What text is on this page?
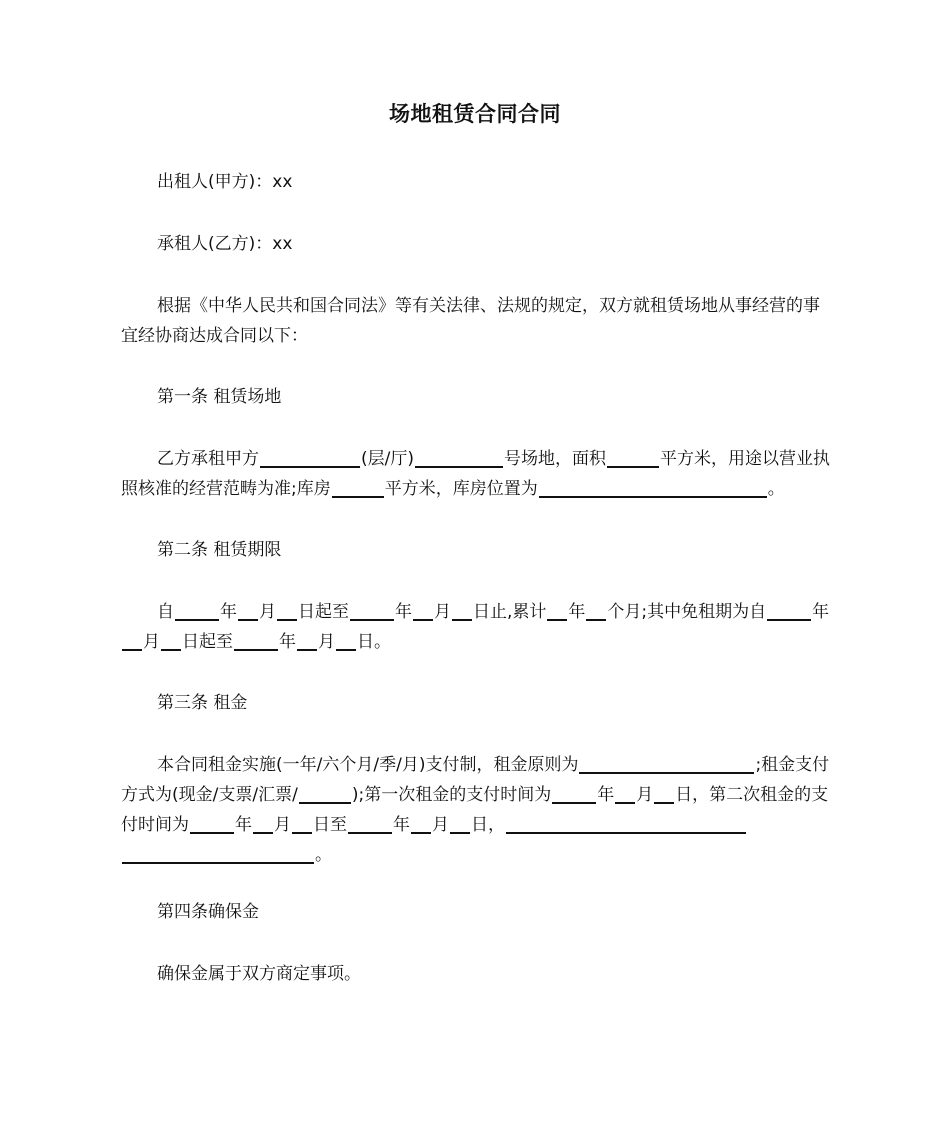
场地租赁合同合同
出租人(甲方)：xx
承租人(乙方)：xx
根据《中华人民共和国合同法》等有关法律、法规的规定，双方就租赁场地从事经营的事宜经协商达成合同以下：
第一条 租赁场地
乙方承租甲方	(层/厅)	号场地，面积	平方米，用途以营业执照核准的经营范畴为准;库房	平方米，库房位置为	。
第二条 租赁期限
自	年 月 日起至	年 月 日止,累计 年 个月;其中免租期为自	年月 日起至	年 月 日。
第三条 租金
本合同租金实施(一年/六个月/季/月)支付制，租金原则为	;租金支付方式为(现金/支票/汇票/	);第一次租金的支付时间为	年 月 日，第二次租金的支付时间为	年 月 日至	年 月 日，。
第四条确保金
确保金属于双方商定事项。
